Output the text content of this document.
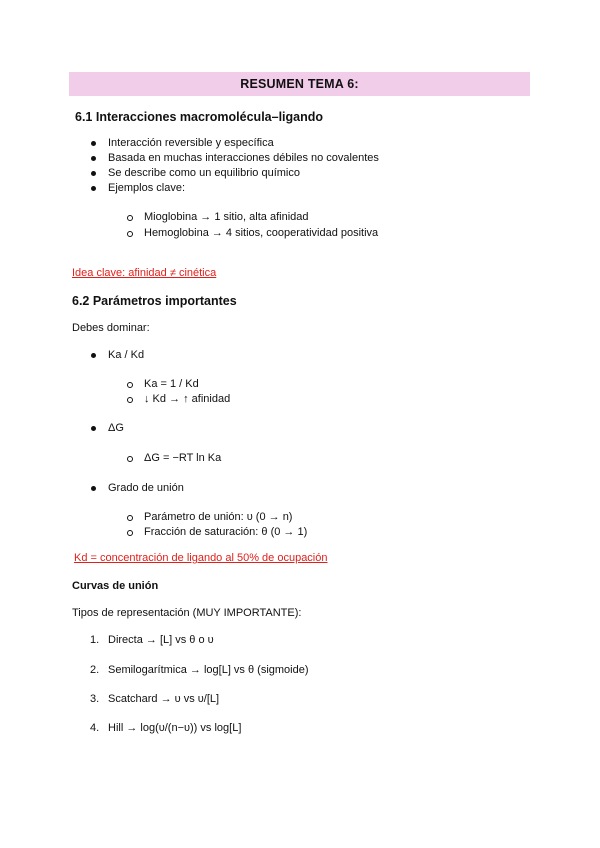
RESUMEN TEMA 6:
6.1 Interacciones macromolécula–ligando
Interacción reversible y específica
Basada en muchas interacciones débiles no covalentes
Se describe como un equilibrio químico
Ejemplos clave:
Mioglobina → 1 sitio, alta afinidad
Hemoglobina → 4 sitios, cooperatividad positiva
Idea clave: afinidad ≠ cinética
6.2 Parámetros importantes
Debes dominar:
Ka / Kd
Ka = 1 / Kd
↓ Kd → ↑ afinidad
ΔG
ΔG = −RT ln Ka
Grado de unión
Parámetro de unión: υ (0 → n)
Fracción de saturación: θ (0 → 1)
Kd = concentración de ligando al 50% de ocupación
Curvas de unión
Tipos de representación (MUY IMPORTANTE):
1. Directa → [L] vs θ o υ
2. Semilogarítmica → log[L] vs θ (sigmoide)
3. Scatchard → υ vs υ/[L]
4. Hill → log(υ/(n−υ)) vs log[L]
